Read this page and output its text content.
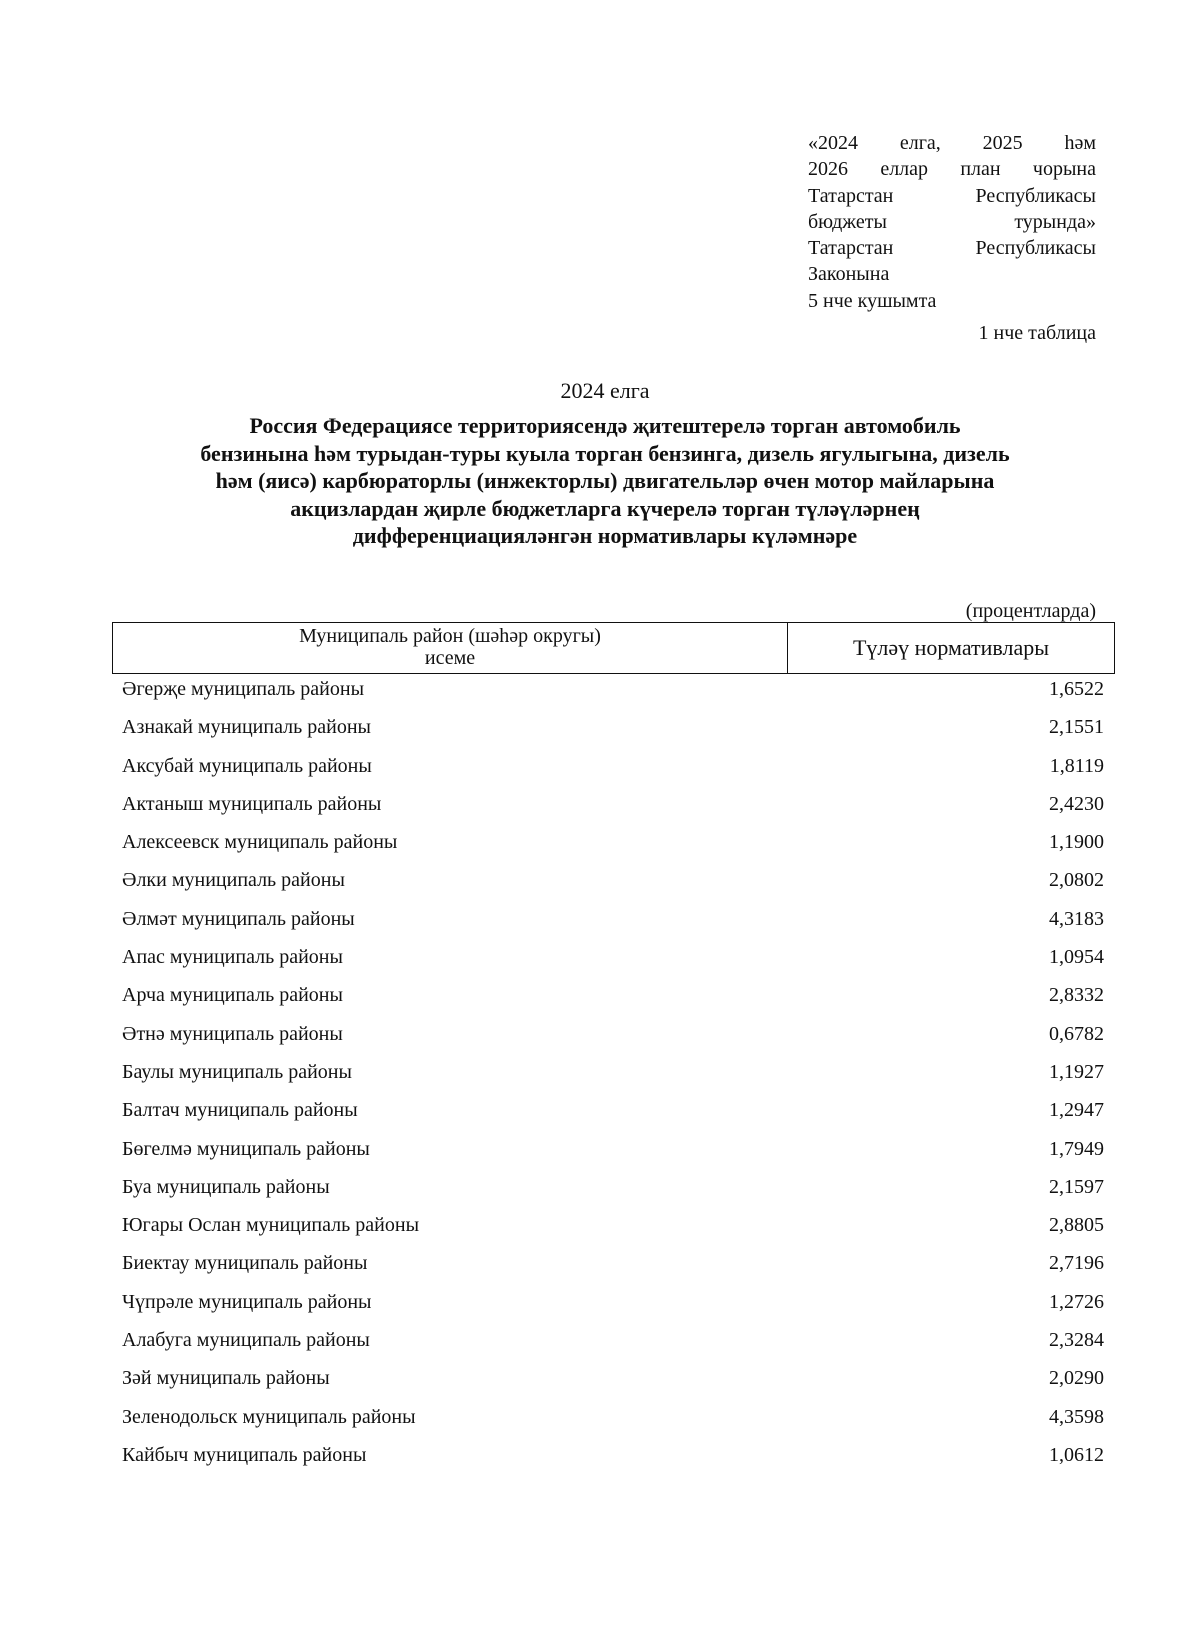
«2024 елга, 2025 һәм
2026 еллар план чорына
Татарстан Республикасы
бюджеты турында»
Татарстан Республикасы
Законына
5 нче кушымта
1 нче таблица
2024 елга
Россия Федерациясе территориясендә җитештерелә торган автомобиль
бензинына һәм турыдан-туры куыла торган бензинга, дизель ягулыгына, дизель
һәм (яисә) карбюраторлы (инжекторлы) двигательләр өчен мотор майларына
акцизлардан җирле бюджетларга күчерелә торган түләүләрнең
дифференциацияләнгән нормативлары күләмнәре
(процентларда)
Муниципаль район (шәһәр округы)
исеме	Түләү нормативлары
Әгерҗе муниципаль районы	1,6522
Азнакай муниципаль районы	2,1551
Аксубай муниципаль районы	1,8119
Актаныш муниципаль районы	2,4230
Алексеевск муниципаль районы	1,1900
Әлки муниципаль районы	2,0802
Әлмәт муниципаль районы	4,3183
Апас муниципаль районы	1,0954
Арча муниципаль районы	2,8332
Әтнә муниципаль районы	0,6782
Баулы муниципаль районы	1,1927
Балтач муниципаль районы	1,2947
Бөгелмә муниципаль районы	1,7949
Буа муниципаль районы	2,1597
Югары Ослан муниципаль районы	2,8805
Биектау муниципаль районы	2,7196
Чүпрәле муниципаль районы	1,2726
Алабуга муниципаль районы	2,3284
Зәй муниципаль районы	2,0290
Зеленодольск муниципаль районы	4,3598
Кайбыч муниципаль районы	1,0612
